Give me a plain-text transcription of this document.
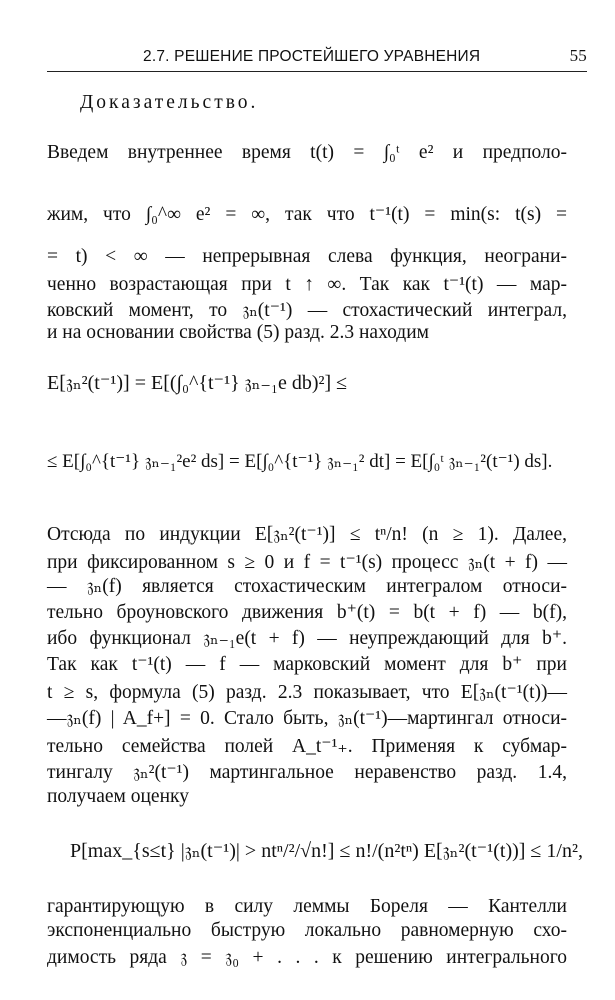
2.7. РЕШЕНИЕ ПРОСТЕЙШЕГО УРАВНЕНИЯ	55
Доказательство.
Введем внутреннее время t(t) = ∫₀ᵗ e² и предполо-
жим, что ∫₀^∞ e² = ∞, так что t⁻¹(t) = min(s: t(s) =
= t) < ∞ — непрерывная слева функция, неограни-
ченно возрастающая при t ↑ ∞. Так как t⁻¹(t) — мар-
ковский момент, то 𝔷ₙ(t⁻¹) — стохастический интеграл,
и на основании свойства (5) разд. 2.3 находим
E[𝔷ₙ²(t⁻¹)] = E[(∫₀^{t⁻¹} 𝔷ₙ₋₁e db)²] ≤
≤ E[∫₀^{t⁻¹} 𝔷ₙ₋₁²e² ds] = E[∫₀^{t⁻¹} 𝔷ₙ₋₁² dt] = E[∫₀ᵗ 𝔷ₙ₋₁²(t⁻¹) ds].
Отсюда по индукции E[𝔷ₙ²(t⁻¹)] ≤ tⁿ/n! (n ≥ 1). Далее,
при фиксированном s ≥ 0 и f = t⁻¹(s) процесс 𝔷ₙ(t + f) —
— 𝔷ₙ(f) является стохастическим интегралом относи-
тельно броуновского движения b⁺(t) = b(t + f) — b(f),
ибо функционал 𝔷ₙ₋₁e(t + f) — неупреждающий для b⁺.
Так как t⁻¹(t) — f — марковский момент для b⁺ при
t ≥ s, формула (5) разд. 2.3 показывает, что E[𝔷ₙ(t⁻¹(t))—
—𝔷ₙ(f) | A_f+] = 0. Стало быть, 𝔷ₙ(t⁻¹)—мартингал относи-
тельно семейства полей A_t⁻¹₊. Применяя к субмар-
тингалу 𝔷ₙ²(t⁻¹) мартингальное неравенство разд. 1.4,
получаем оценку
P[max_{s≤t} |𝔷ₙ(t⁻¹)| > ntⁿ/²/√n!] ≤ n!/(n²tⁿ) E[𝔷ₙ²(t⁻¹(t))] ≤ 1/n²,
гарантирующую в силу леммы Бореля — Кантелли
экспоненциально быструю локально равномерную схо-
димость ряда 𝔷 = 𝔷₀ + . . . к решению интегрального
